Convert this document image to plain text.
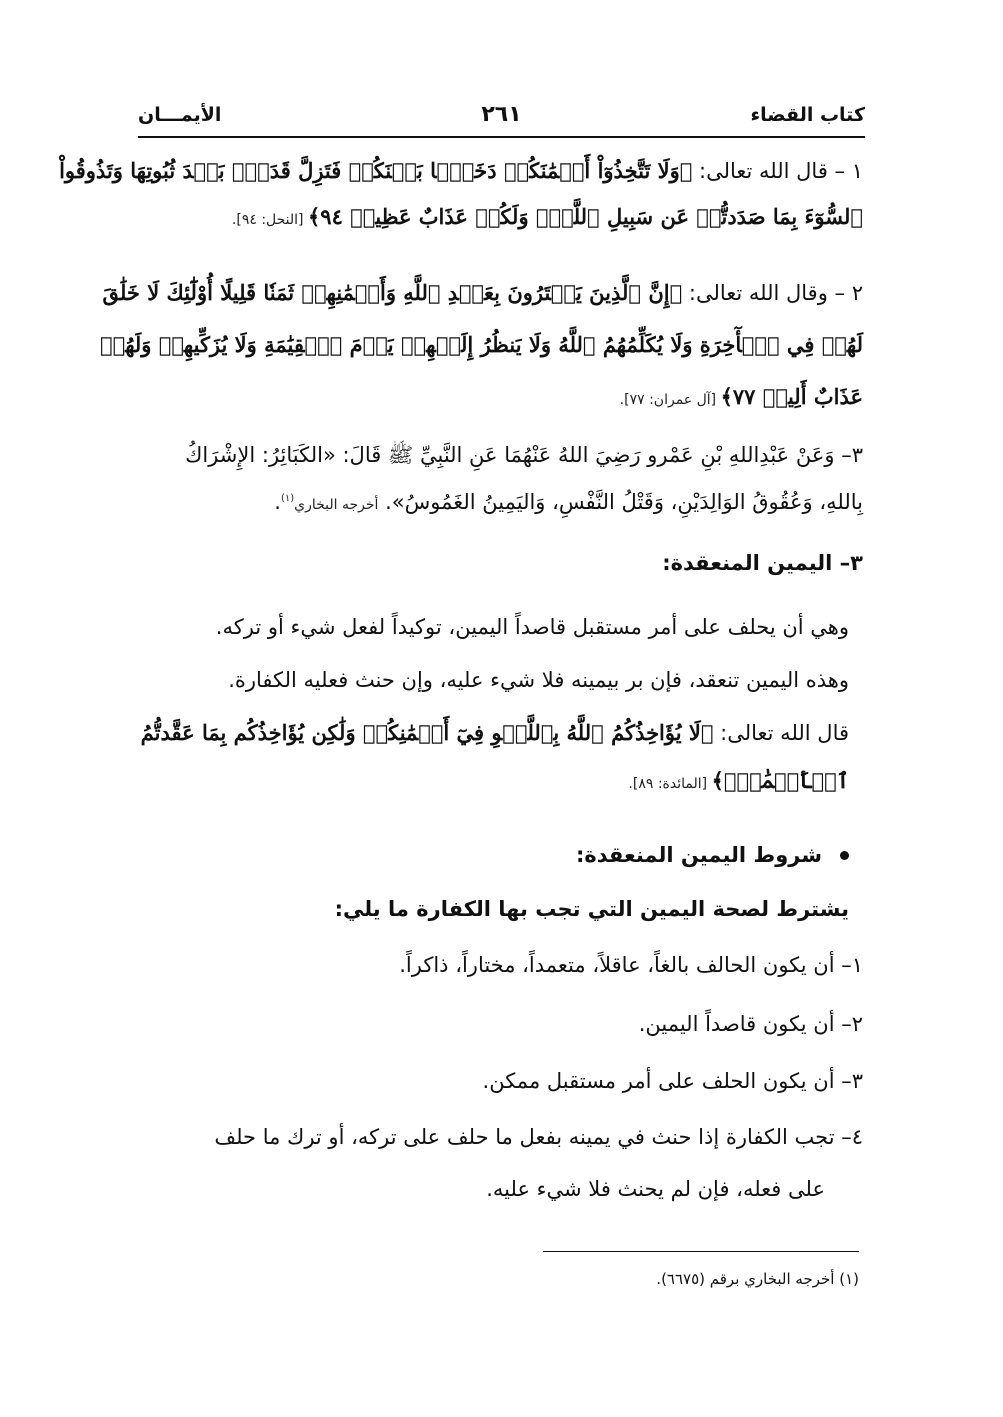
كتاب القضاء
٢٦١
الأيمـــان
١ – قال الله تعالى: ﴿وَلَا تَتَّخِذُوٓاْ أَيۡمَٰنَكُمۡ دَخَلَۢا بَيۡنَكُمۡ فَتَزِلَّ قَدَمُۢ بَعۡدَ ثُبُوتِهَا وَتَذُوقُواْ
ٱلسُّوٓءَ بِمَا صَدَدتُّمۡ عَن سَبِيلِ ٱللَّهِۖ وَلَكُمۡ عَذَابٌ عَظِيمٞ ٩٤﴾ [النحل: ٩٤].
٢ – وقال الله تعالى: ﴿إِنَّ ٱلَّذِينَ يَشۡتَرُونَ بِعَهۡدِ ٱللَّهِ وَأَيۡمَٰنِهِمۡ ثَمَنٗا قَلِيلًا أُوْلَٰٓئِكَ لَا خَلَٰقَ
لَهُمۡ فِي ٱلۡأٓخِرَةِ وَلَا يُكَلِّمُهُمُ ٱللَّهُ وَلَا يَنظُرُ إِلَيۡهِمۡ يَوۡمَ ٱلۡقِيَٰمَةِ وَلَا يُزَكِّيهِمۡ وَلَهُمۡ
عَذَابٌ أَلِيمٞ ٧٧﴾ [آل عمران: ٧٧].
٣– وَعَنْ عَبْدِاللهِ بْنِ عَمْرو رَضِيَ اللهُ عَنْهُمَا عَنِ النَّبِيِّ ﷺ قَالَ: «الكَبَائِرُ: الإِشْرَاكُ
بِاللهِ، وَعُقُوقُ الوَالِدَيْنِ، وَقَتْلُ النَّفْسِ، وَاليَمِينُ الغَمُوسُ». أخرجه البخاري$^{(١)}$.
٣– اليمين المنعقدة:
وهي أن يحلف على أمر مستقبل قاصداً اليمين، توكيداً لفعل شيء أو تركه.
وهذه اليمين تنعقد، فإن بر بيمينه فلا شيء عليه، وإن حنث فعليه الكفارة.
قال الله تعالى: ﴿لَا يُؤَاخِذُكُمُ ٱللَّهُ بِٱللَّغۡوِ فِيٓ أَيۡمَٰنِكُمۡ وَلَٰكِن يُؤَاخِذُكُم بِمَا عَقَّدتُّمُ
ٱلۡأَيۡمَٰنَۖ﴾ [المائدة: ٨٩].
شروط اليمين المنعقدة:
يشترط لصحة اليمين التي تجب بها الكفارة ما يلي:
١– أن يكون الحالف بالغاً، عاقلاً، متعمداً، مختاراً، ذاكراً.
٢– أن يكون قاصداً اليمين.
٣– أن يكون الحلف على أمر مستقبل ممكن.
٤– تجب الكفارة إذا حنث في يمينه بفعل ما حلف على تركه، أو ترك ما حلف
على فعله، فإن لم يحنث فلا شيء عليه.
(١) أخرجه البخاري برقم (٦٦٧٥).
